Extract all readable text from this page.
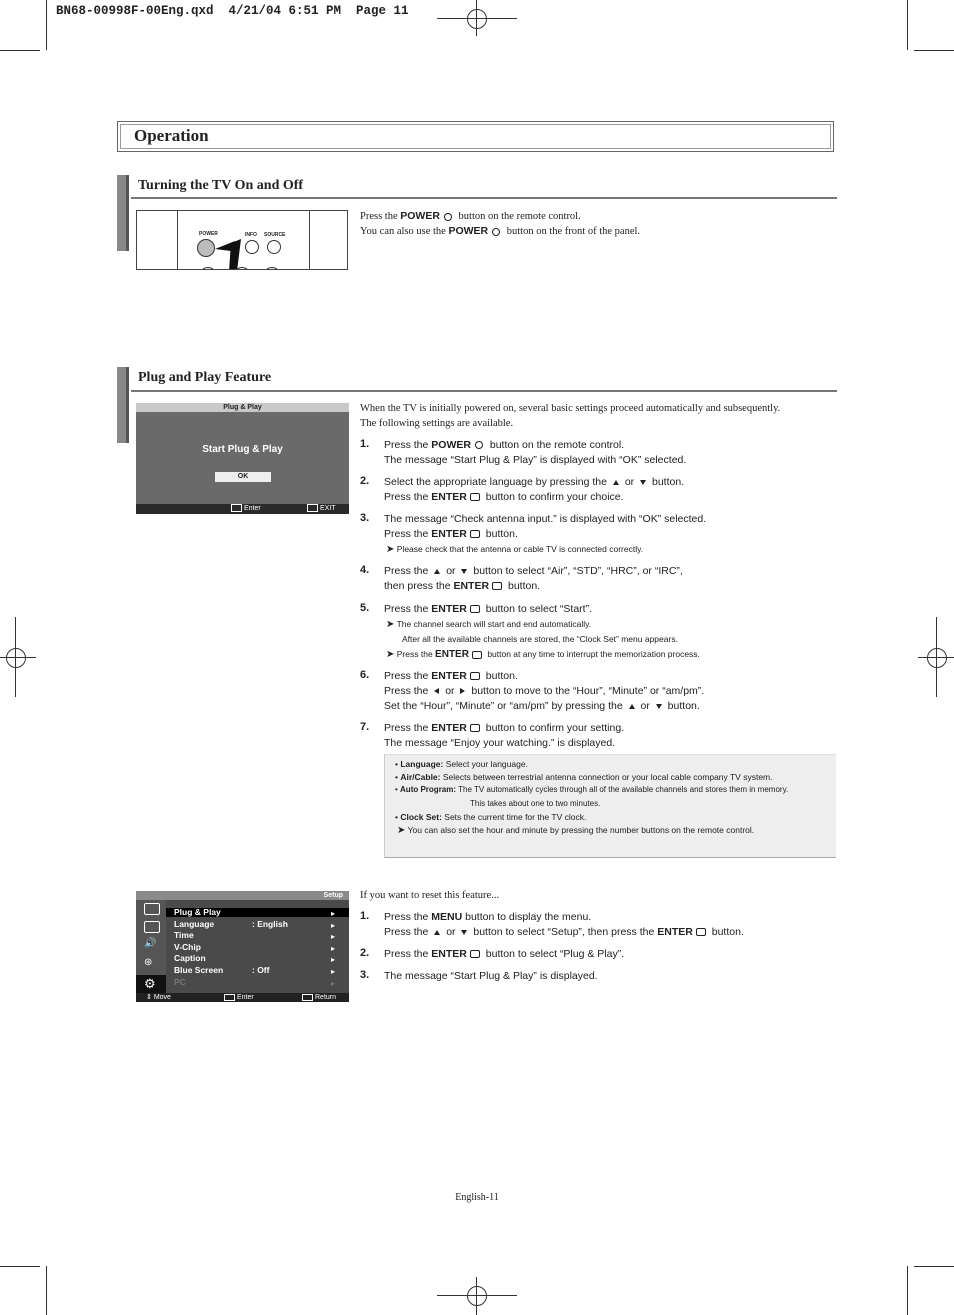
BN68-00998F-00Eng.qxd  4/21/04 6:51 PM  Page 11
Operation
Turning the TV On and Off
POWER	INFO SOURCE
Press the POWER button on the remote control.
You can also use the POWER button on the front of the panel.
Plug and Play Feature
Plug & Play
Start Plug & Play
OK
Enter	EXIT
When the TV is initially powered on, several basic settings proceed automatically and subsequently.
The following settings are available.
1. Press the POWER button on the remote control.
The message “Start Plug & Play” is displayed with “OK” selected.
2. Select the appropriate language by pressing the  or  button.
Press the ENTER button to confirm your choice.
3. The message “Check antenna input.” is displayed with “OK” selected.
Press the ENTER button.
➤ Please check that the antenna or cable TV is connected correctly.
4. Press the  or  button to select “Air”, “STD”, “HRC”, or “IRC”,
then press the ENTER button.
5. Press the ENTER button to select “Start”.
➤ The channel search will start and end automatically.
After all the available channels are stored, the “Clock Set” menu appears.
➤ Press the ENTER button at any time to interrupt the memorization process.
6. Press the ENTER button.
Press the  or  button to move to the “Hour”, “Minute” or “am/pm”.
Set the “Hour”, “Minute” or “am/pm” by pressing the  or  button.
7. Press the ENTER button to confirm your setting.
The message “Enjoy your watching.” is displayed.
• Language: Select your language.
• Air/Cable: Selects between terrestrial antenna connection or your local cable company TV system.
• Auto Program: The TV automatically cycles through all of the available channels and stores them in memory.
This takes about one to two minutes.
• Clock Set: Sets the current time for the TV clock.
➤ You can also set the hour and minute by pressing the number buttons on the remote control.
Setup
🔊
⊛
⚙
Plug & Play
Language	: English
Time
V-Chip
Caption
Blue Screen	: Off
PC
▸
▸
▸
▸
▸
▸
▸
⇕ Move	Enter	Return
If you want to reset this feature...
1. Press the MENU button to display the menu.
Press the  or  button to select “Setup”, then press the ENTER button.
2. Press the ENTER button to select “Plug & Play”.
3. The message “Start Plug & Play” is displayed.
English-11
